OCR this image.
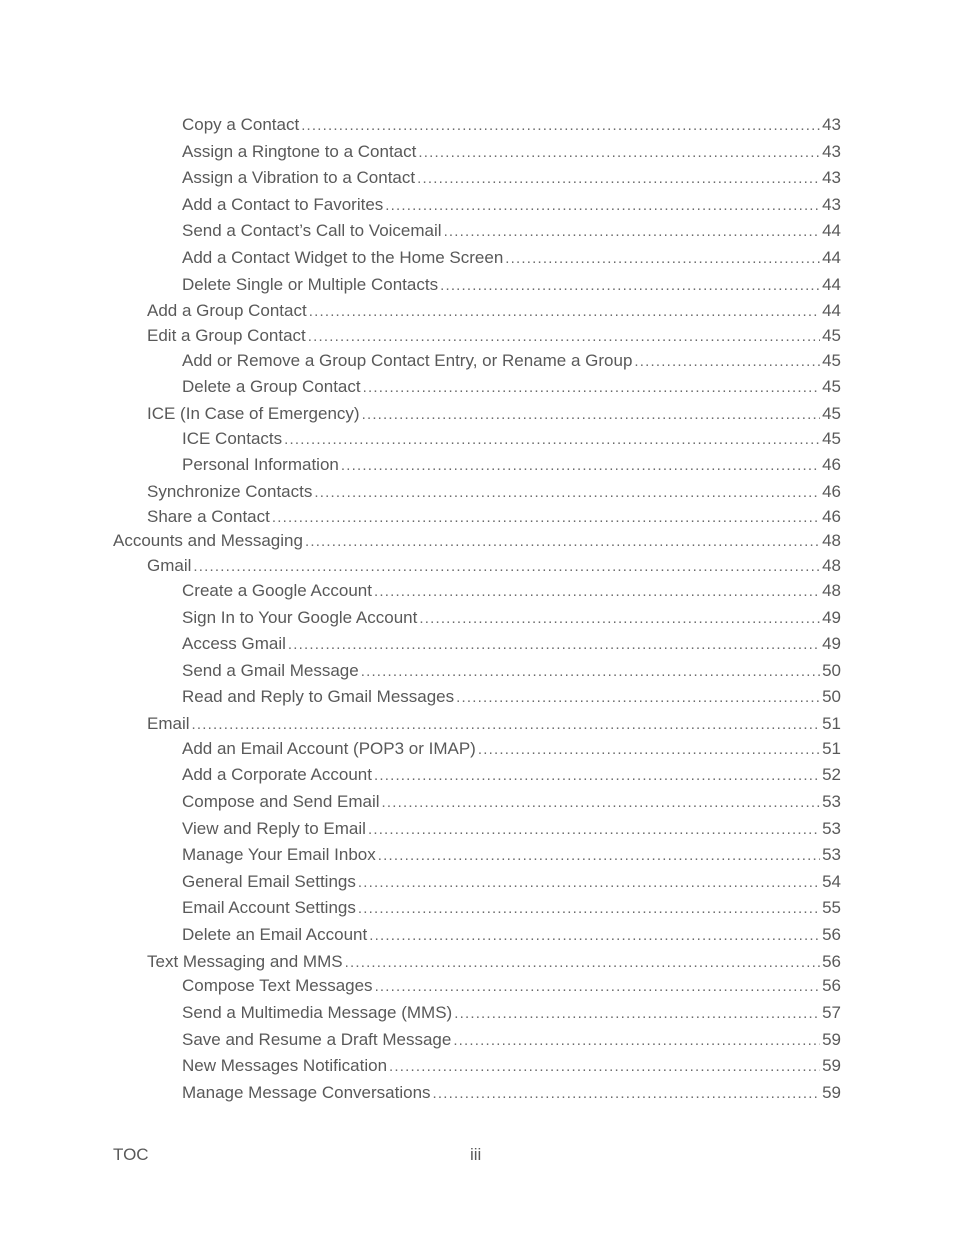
Copy a Contact .....	43
Assign a Ringtone to a Contact .....	43
Assign a Vibration to a Contact .....	43
Add a Contact to Favorites .....	43
Send a Contact’s Call to Voicemail .....	44
Add a Contact Widget to the Home Screen .....	44
Delete Single or Multiple Contacts .....	44
Add a Group Contact .....	44
Edit a Group Contact .....	45
Add or Remove a Group Contact Entry, or Rename a Group .....	45
Delete a Group Contact .....	45
ICE (In Case of Emergency) .....	45
ICE Contacts .....	45
Personal Information .....	46
Synchronize Contacts .....	46
Share a Contact .....	46
Accounts and Messaging .....	48
Gmail .....	48
Create a Google Account .....	48
Sign In to Your Google Account .....	49
Access Gmail .....	49
Send a Gmail Message .....	50
Read and Reply to Gmail Messages .....	50
Email .....	51
Add an Email Account (POP3 or IMAP) .....	51
Add a Corporate Account .....	52
Compose and Send Email .....	53
View and Reply to Email .....	53
Manage Your Email Inbox .....	53
General Email Settings .....	54
Email Account Settings .....	55
Delete an Email Account .....	56
Text Messaging and MMS .....	56
Compose Text Messages .....	56
Send a Multimedia Message (MMS) .....	57
Save and Resume a Draft Message .....	59
New Messages Notification .....	59
Manage Message Conversations .....	59
TOC	iii
